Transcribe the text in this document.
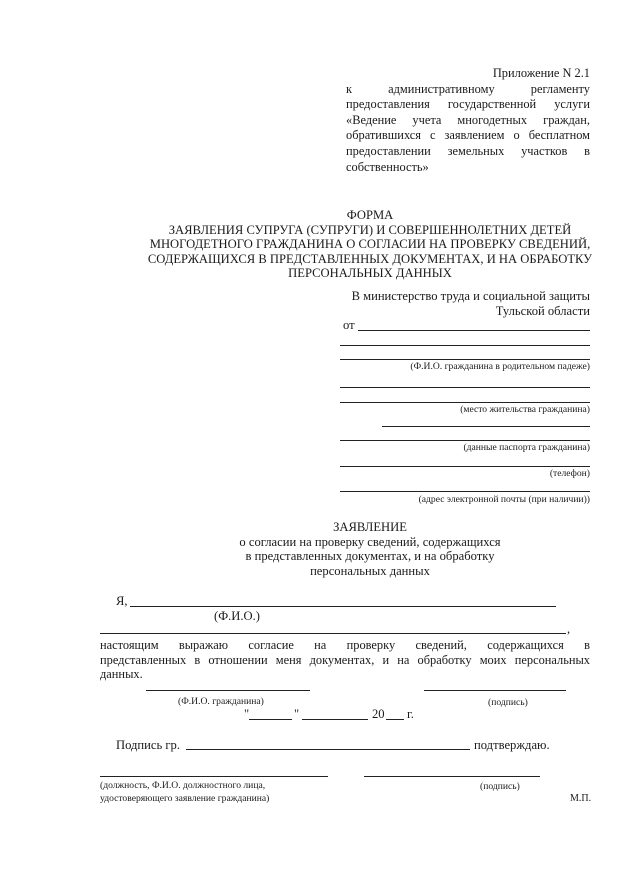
Приложение N 2.1
к административному регламенту
предоставления государственной услуги
«Ведение учета многодетных граждан,
обратившихся с заявлением о бесплатном
предоставлении земельных участков в
собственность»
ФОРМА
ЗАЯВЛЕНИЯ СУПРУГА (СУПРУГИ) И СОВЕРШЕННОЛЕТНИХ ДЕТЕЙ
МНОГОДЕТНОГО ГРАЖДАНИНА О СОГЛАСИИ НА ПРОВЕРКУ СВЕДЕНИЙ,
СОДЕРЖАЩИХСЯ В ПРЕДСТАВЛЕННЫХ ДОКУМЕНТАХ, И НА ОБРАБОТКУ
ПЕРСОНАЛЬНЫХ ДАННЫХ
В министерство труда и социальной защиты
Тульской области
от
(Ф.И.О. гражданина в родительном падеже)
(место жительства гражданина)
(данные паспорта гражданина)
(телефон)
(адрес электронной почты (при наличии))
ЗАЯВЛЕНИЕ
о согласии на проверку сведений, содержащихся
в представленных документах, и на обработку
персональных данных
Я,
(Ф.И.О.)
,
настоящим выражаю согласие на проверку сведений, содержащихся в
представленных в отношении меня документах, и на обработку моих персональных
данных.
(Ф.И.О. гражданина)	(подпись)
"	"	20 г.
Подпись гр.	подтверждаю.
(должность, Ф.И.О. должностного лица,
удостоверяющего заявление гражданина)
(подпись)
М.П.
